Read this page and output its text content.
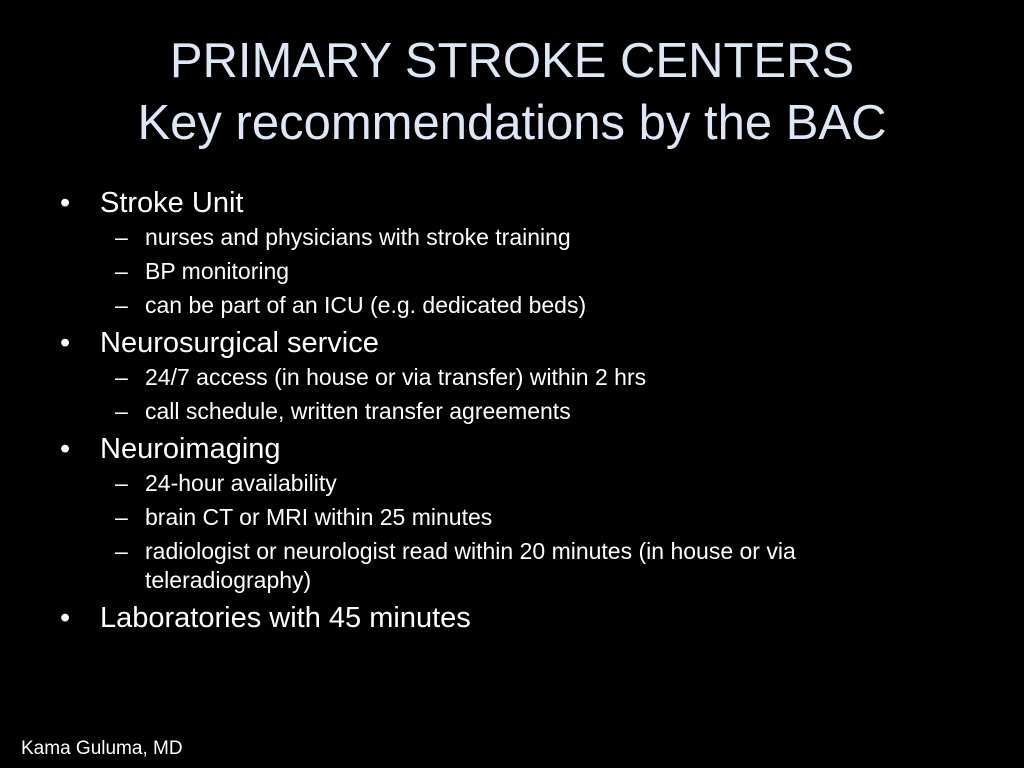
PRIMARY STROKE CENTERS
Key recommendations by the BAC
• Stroke Unit
– nurses and physicians with stroke training
– BP monitoring
– can be part of an ICU (e.g. dedicated beds)
• Neurosurgical service
– 24/7 access (in house or via transfer) within 2 hrs
– call schedule, written transfer agreements
• Neuroimaging
– 24-hour availability
– brain CT or MRI within 25 minutes
– radiologist or neurologist read within 20 minutes (in house or via teleradiography)
• Laboratories with 45 minutes
Kama Guluma, MD
